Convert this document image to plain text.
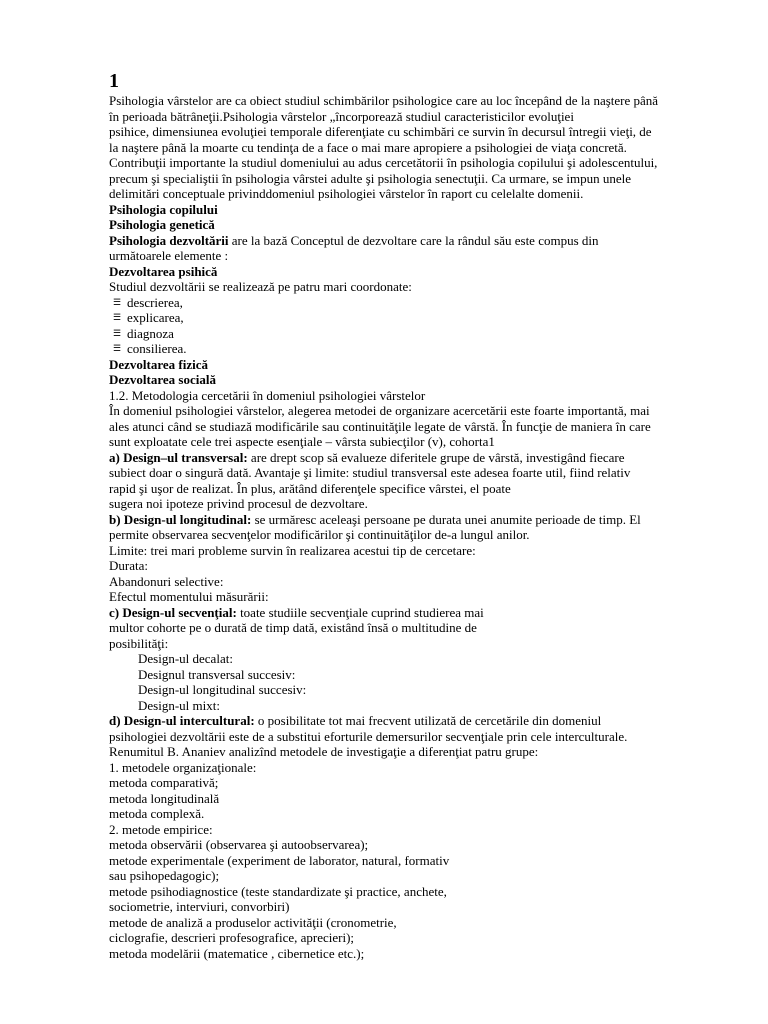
1
Psihologia vârstelor are ca obiect studiul schimbărilor psihologice care au loc începând de la naştere până
în perioada bătrâneţii.Psihologia vârstelor „încorporează studiul caracteristicilor evoluţiei
psihice, dimensiunea evoluţiei temporale diferenţiate cu schimbări ce survin în decursul întregii vieţi, de
la naştere până la moarte cu tendinţa de a face o mai mare apropiere a psihologiei de viaţa concretă.
Contribuţii importante la studiul domeniului au adus cercetătorii în psihologia copilului şi adolescentului,
precum şi specialiştii în psihologia vârstei adulte şi psihologia senectuţii. Ca urmare, se impun unele
delimitări conceptuale privinddomeniul psihologiei vârstelor în raport cu celelalte domenii.
Psihologia copilului
Psihologia genetică
Psihologia dezvoltării are la bază Conceptul de dezvoltare care la rândul său este compus din
următoarele elemente :
Dezvoltarea psihică
Studiul dezvoltării se realizează pe patru mari coordonate:
☰ descrierea,
☰ explicarea,
☰ diagnoza
☰ consilierea.
Dezvoltarea fizică
Dezvoltarea socială
1.2. Metodologia cercetării în domeniul psihologiei vârstelor
În domeniul psihologiei vârstelor, alegerea metodei de organizare acercetării este foarte importantă, mai
ales atunci când se studiază modificările sau continuităţile legate de vârstă. În funcţie de maniera în care
sunt exploatate cele trei aspecte esenţiale – vârsta subiecţilor (v), cohorta1
a) Design–ul transversal: are drept scop să evalueze diferitele grupe de vârstă, investigând fiecare
subiect doar o singură dată. Avantaje şi limite: studiul transversal este adesea foarte util, fiind relativ
rapid şi uşor de realizat. În plus, arătând diferenţele specifice vârstei, el poate
sugera noi ipoteze privind procesul de dezvoltare.
b) Design-ul longitudinal: se urmăresc aceleaşi persoane pe durata unei anumite perioade de timp. El
permite observarea secvenţelor modificărilor şi continuităţilor de-a lungul anilor.
Limite: trei mari probleme survin în realizarea acestui tip de cercetare:
Durata:
Abandonuri selective:
Efectul momentului măsurării:
c) Design-ul secvenţial: toate studiile secvenţiale cuprind studierea mai
multor cohorte pe o durată de timp dată, existând însă o multitudine de
posibilităţi:
Design-ul decalat:
Designul transversal succesiv:
Design-ul longitudinal succesiv:
Design-ul mixt:
d) Design-ul intercultural: o posibilitate tot mai frecvent utilizată de cercetările din domeniul
psihologiei dezvoltării este de a substitui eforturile demersurilor secvenţiale prin cele interculturale.
Renumitul B. Ananiev analizînd metodele de investigaţie a diferenţiat patru grupe:
1. metodele organizaţionale:
metoda comparativă;
metoda longitudinală
metoda complexă.
2. metode empirice:
metoda observării (observarea şi autoobservarea);
metode experimentale (experiment de laborator, natural, formativ
sau psihopedagogic);
metode psihodiagnostice (teste standardizate şi practice, anchete,
sociometrie, interviuri, convorbiri)
metode de analiză a produselor activităţii (cronometrie,
ciclografie, descrieri profesografice, aprecieri);
metoda modelării (matematice , cibernetice etc.);
